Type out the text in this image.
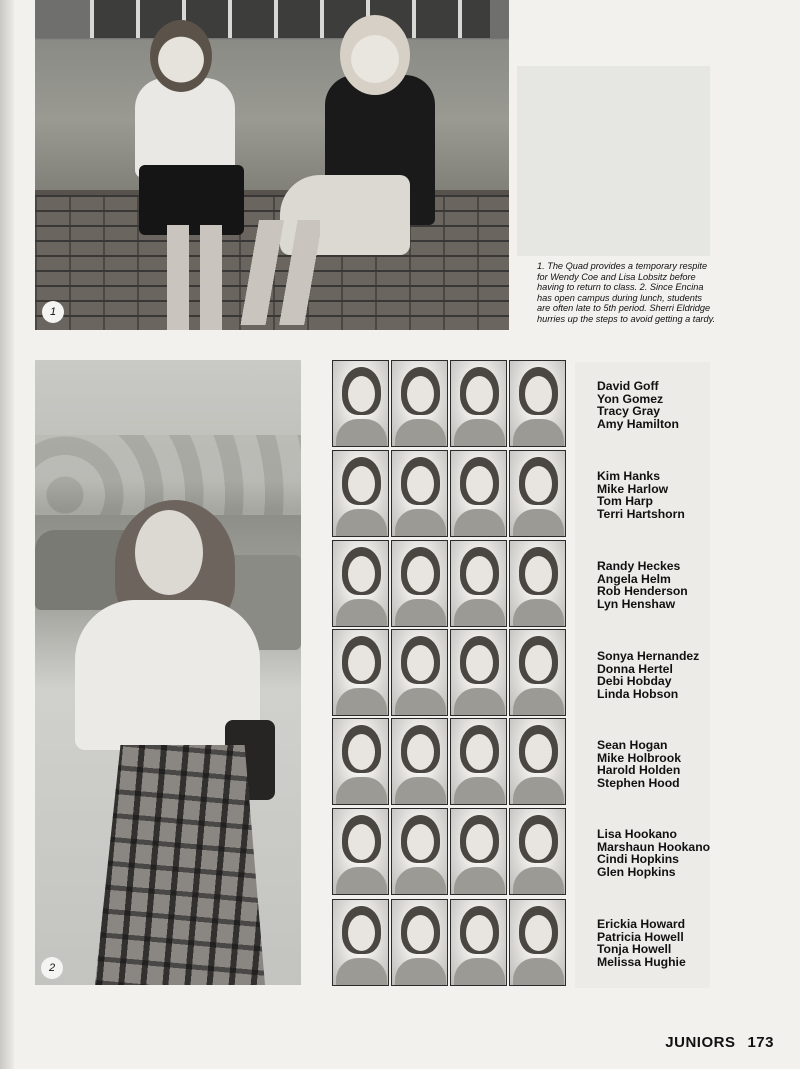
1
1. The Quad provides a temporary respite for Wendy Coe and Lisa Lobsitz before having to return to class. 2. Since Encina has open campus during lunch, students are often late to 5th period. Sherri Eldridge hurries up the steps to avoid getting a tardy.
2
David Goff
Yon Gomez
Tracy Gray
Amy Hamilton
Kim Hanks
Mike Harlow
Tom Harp
Terri Hartshorn
Randy Heckes
Angela Helm
Rob Henderson
Lyn Henshaw
Sonya Hernandez
Donna Hertel
Debi Hobday
Linda Hobson
Sean Hogan
Mike Holbrook
Harold Holden
Stephen Hood
Lisa Hookano
Marshaun Hookano
Cindi Hopkins
Glen Hopkins
Erickia Howard
Patricia Howell
Tonja Howell
Melissa Hughie
JUNIORS 173
